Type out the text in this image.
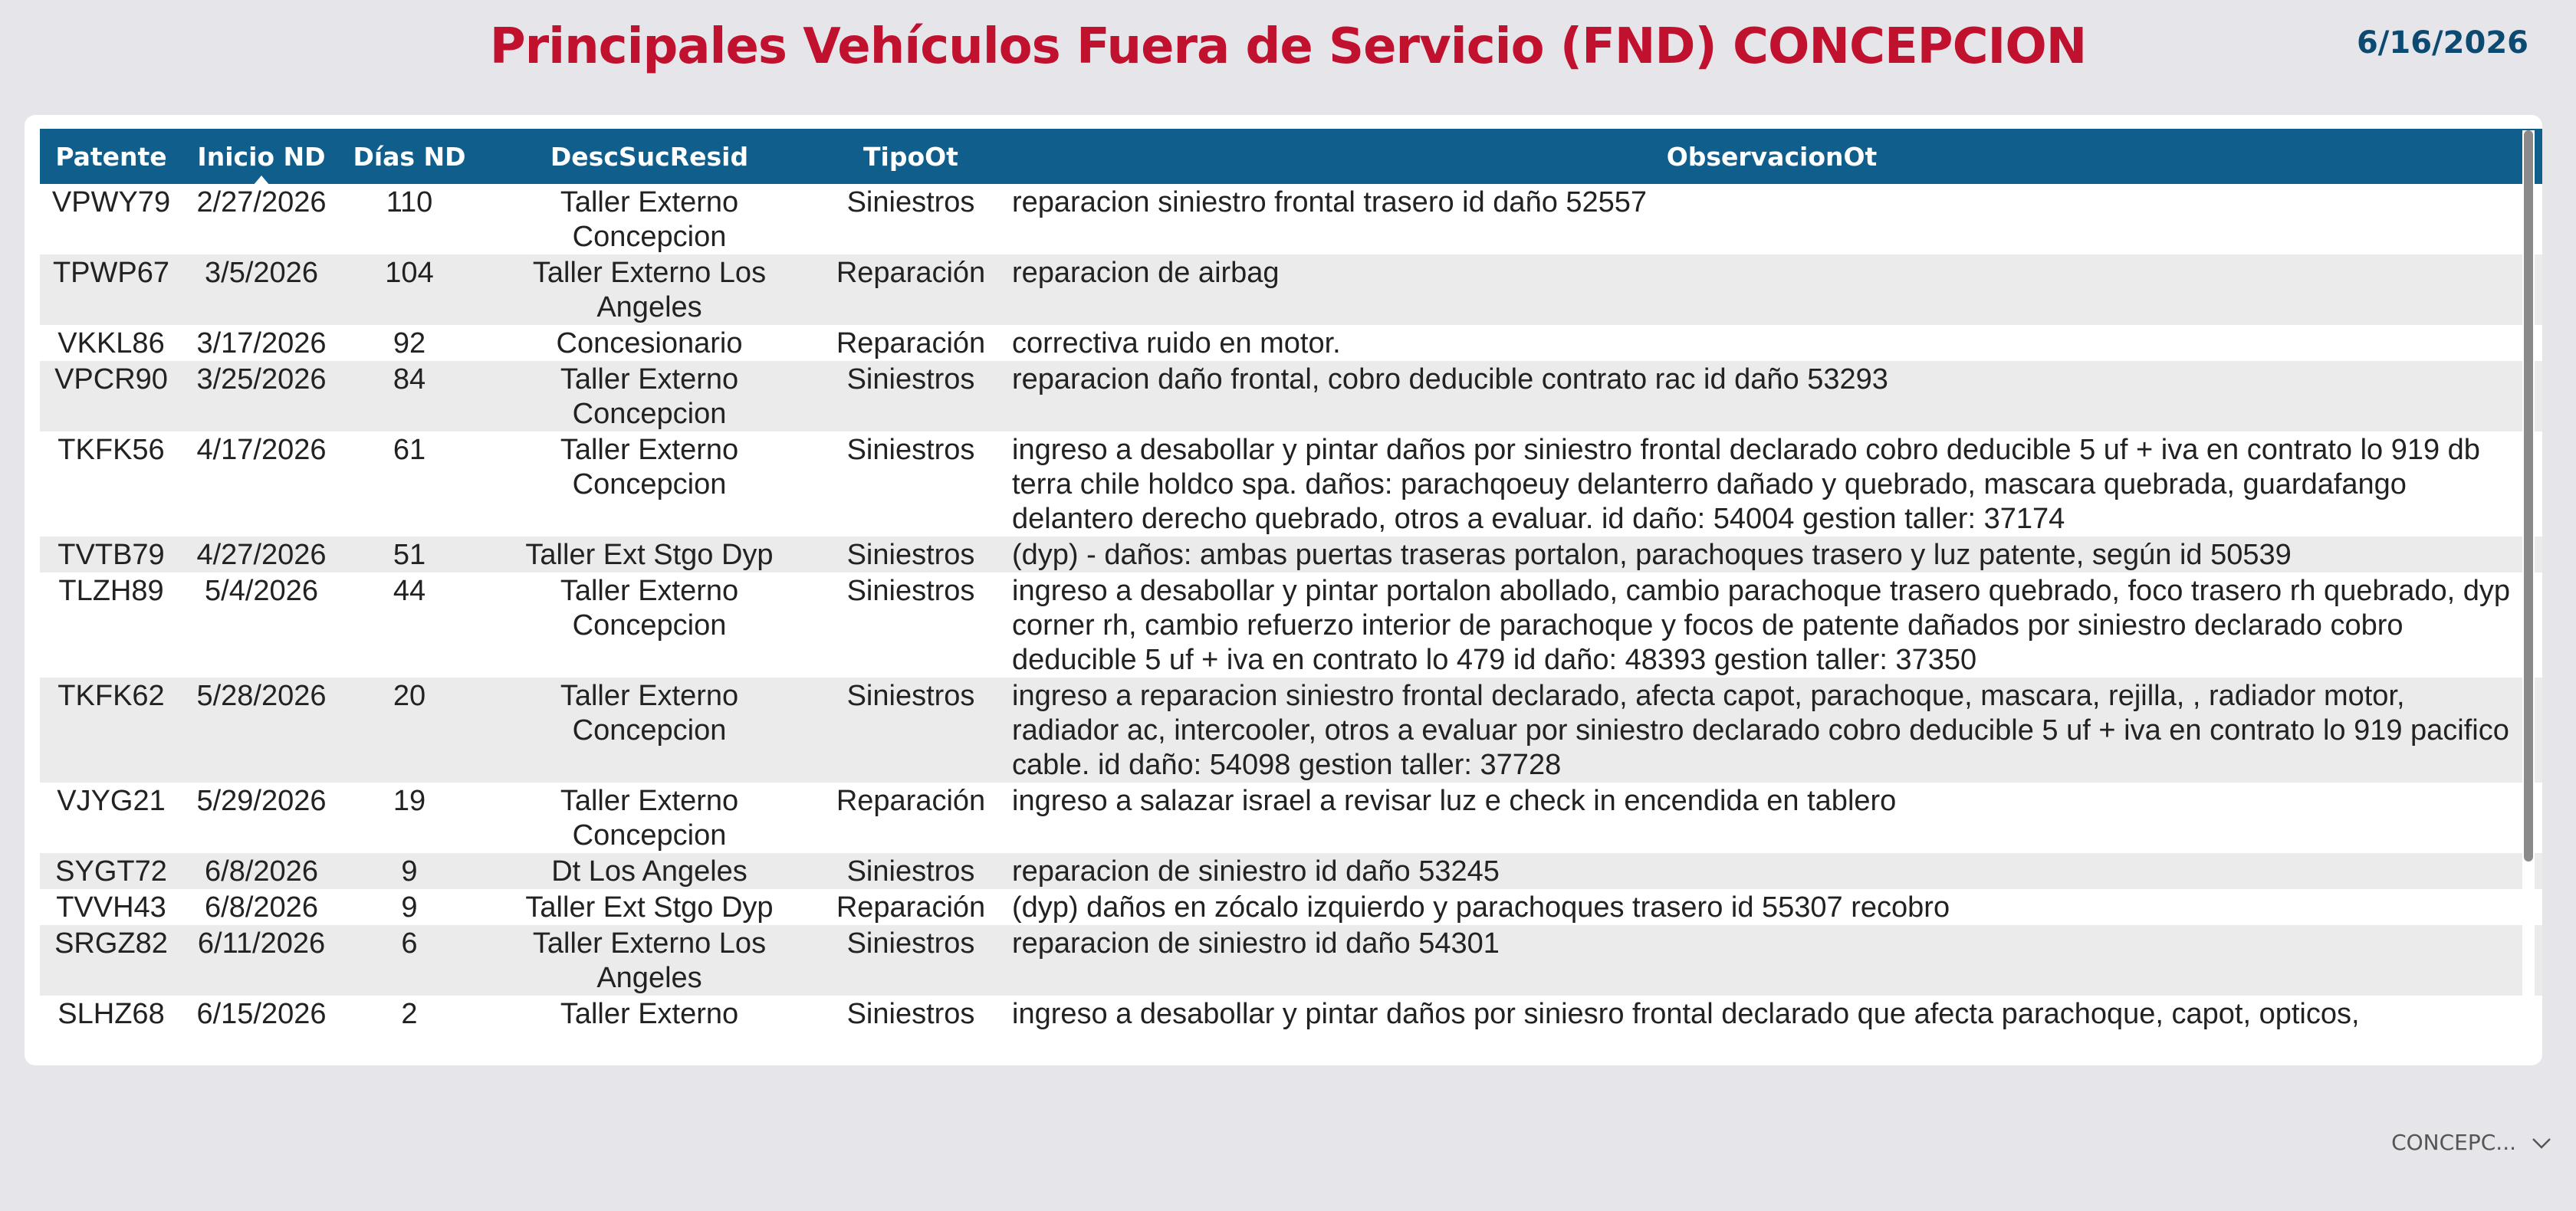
Principales Vehículos Fuera de Servicio (FND) CONCEPCION	6/16/2026
Patente	Inicio ND	Días ND	DescSucResid	TipoOt	ObservacionOt
VPWY79	2/27/2026	110	Taller Externo Concepcion	Siniestros	reparacion siniestro frontal trasero id daño 52557
TPWP67	3/5/2026	104	Taller Externo Los Angeles	Reparación	reparacion de airbag
VKKL86	3/17/2026	92	Concesionario	Reparación	correctiva ruido en motor.
VPCR90	3/25/2026	84	Taller Externo Concepcion	Siniestros	reparacion daño frontal, cobro deducible contrato rac id daño 53293
TKFK56	4/17/2026	61	Taller Externo Concepcion	Siniestros	ingreso a desabollar y pintar daños por siniestro frontal declarado cobro deducible 5 uf + iva en contrato lo 919 db terra chile holdco spa. daños: parachqoeuy delanterro dañado y quebrado, mascara quebrada, guardafango delantero derecho quebrado, otros a evaluar. id daño: 54004 gestion taller: 37174
TVTB79	4/27/2026	51	Taller Ext Stgo Dyp	Siniestros	(dyp) - daños: ambas puertas traseras portalon, parachoques trasero y luz patente, según id 50539
TLZH89	5/4/2026	44	Taller Externo Concepcion	Siniestros	ingreso a desabollar y pintar portalon abollado, cambio parachoque trasero quebrado, foco trasero rh quebrado, dyp corner rh, cambio refuerzo interior de parachoque y focos de patente dañados por siniestro declarado cobro deducible 5 uf + iva en contrato lo 479 id daño: 48393 gestion taller: 37350
TKFK62	5/28/2026	20	Taller Externo Concepcion	Siniestros	ingreso a reparacion siniestro frontal declarado, afecta capot, parachoque, mascara, rejilla, , radiador motor, radiador ac, intercooler, otros a evaluar por siniestro declarado cobro deducible 5 uf + iva en contrato lo 919 pacifico cable. id daño: 54098 gestion taller: 37728
VJYG21	5/29/2026	19	Taller Externo Concepcion	Reparación	ingreso a salazar israel a revisar luz e check in encendida en tablero
SYGT72	6/8/2026	9	Dt Los Angeles	Siniestros	reparacion de siniestro id daño 53245
TVVH43	6/8/2026	9	Taller Ext Stgo Dyp	Reparación	(dyp) daños en zócalo izquierdo y parachoques trasero id 55307 recobro
SRGZ82	6/11/2026	6	Taller Externo Los Angeles	Siniestros	reparacion de siniestro id daño 54301
SLHZ68	6/15/2026	2	Taller Externo	Siniestros	ingreso a desabollar y pintar daños por siniesro frontal declarado que afecta parachoque, capot, opticos,
CONCEPC...
